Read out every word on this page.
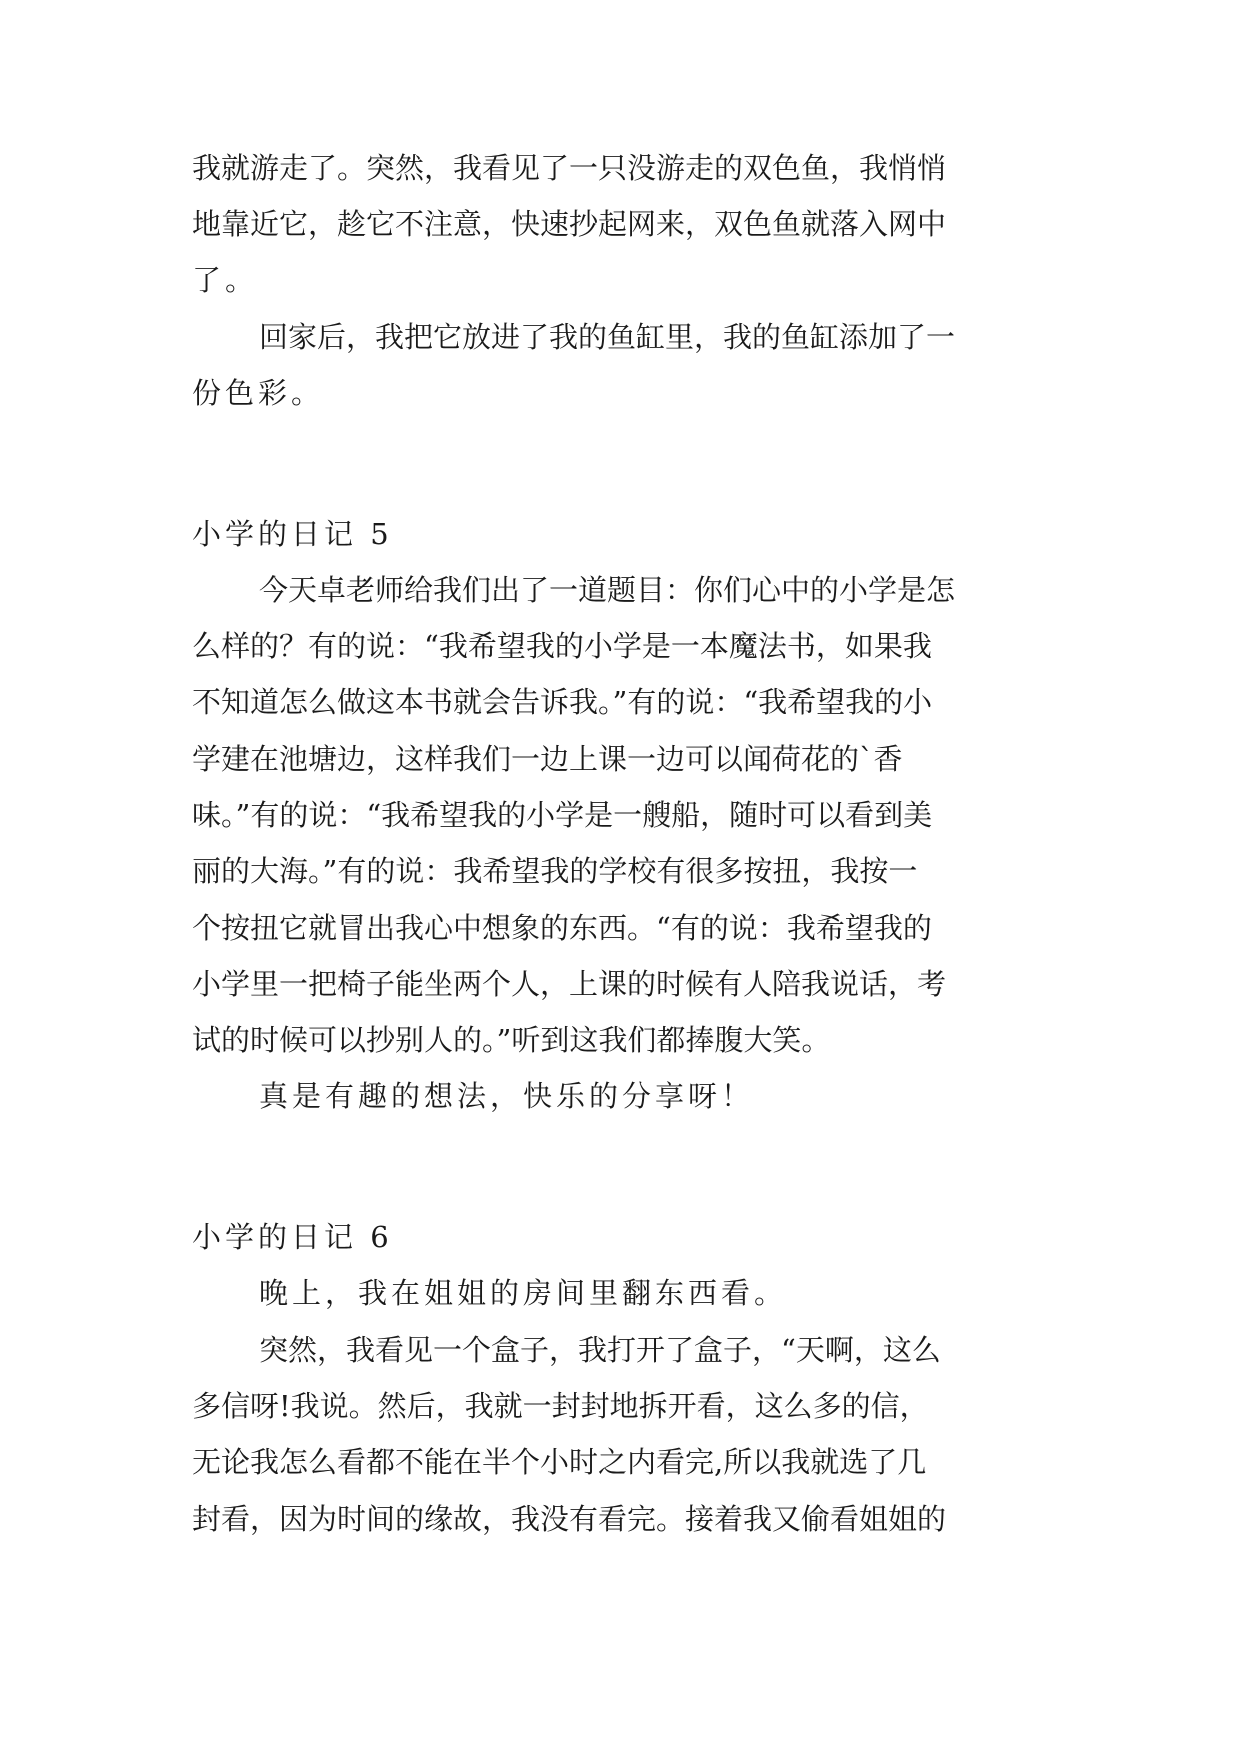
我就游走了。突然，我看见了一只没游走的双色鱼，我悄悄
地靠近它，趁它不注意，快速抄起网来，双色鱼就落入网中
了。
回家后，我把它放进了我的鱼缸里，我的鱼缸添加了一
份色彩。
小学的日记 5
今天卓老师给我们出了一道题目：你们心中的小学是怎
么样的？有的说：“我希望我的小学是一本魔法书，如果我
不知道怎么做这本书就会告诉我。”有的说：“我希望我的小
学建在池塘边，这样我们一边上课一边可以闻荷花的`香
味。”有的说：“我希望我的小学是一艘船，随时可以看到美
丽的大海。”有的说：我希望我的学校有很多按扭，我按一
个按扭它就冒出我心中想象的东西。“有的说：我希望我的
小学里一把椅子能坐两个人，上课的时候有人陪我说话，考
试的时候可以抄别人的。”听到这我们都捧腹大笑。
真是有趣的想法，快乐的分享呀！
小学的日记 6
晚上，我在姐姐的房间里翻东西看。
突然，我看见一个盒子，我打开了盒子，“天啊，这么
多信呀!我说。然后，我就一封封地拆开看，这么多的信，
无论我怎么看都不能在半个小时之内看完,所以我就选了几
封看，因为时间的缘故，我没有看完。接着我又偷看姐姐的
